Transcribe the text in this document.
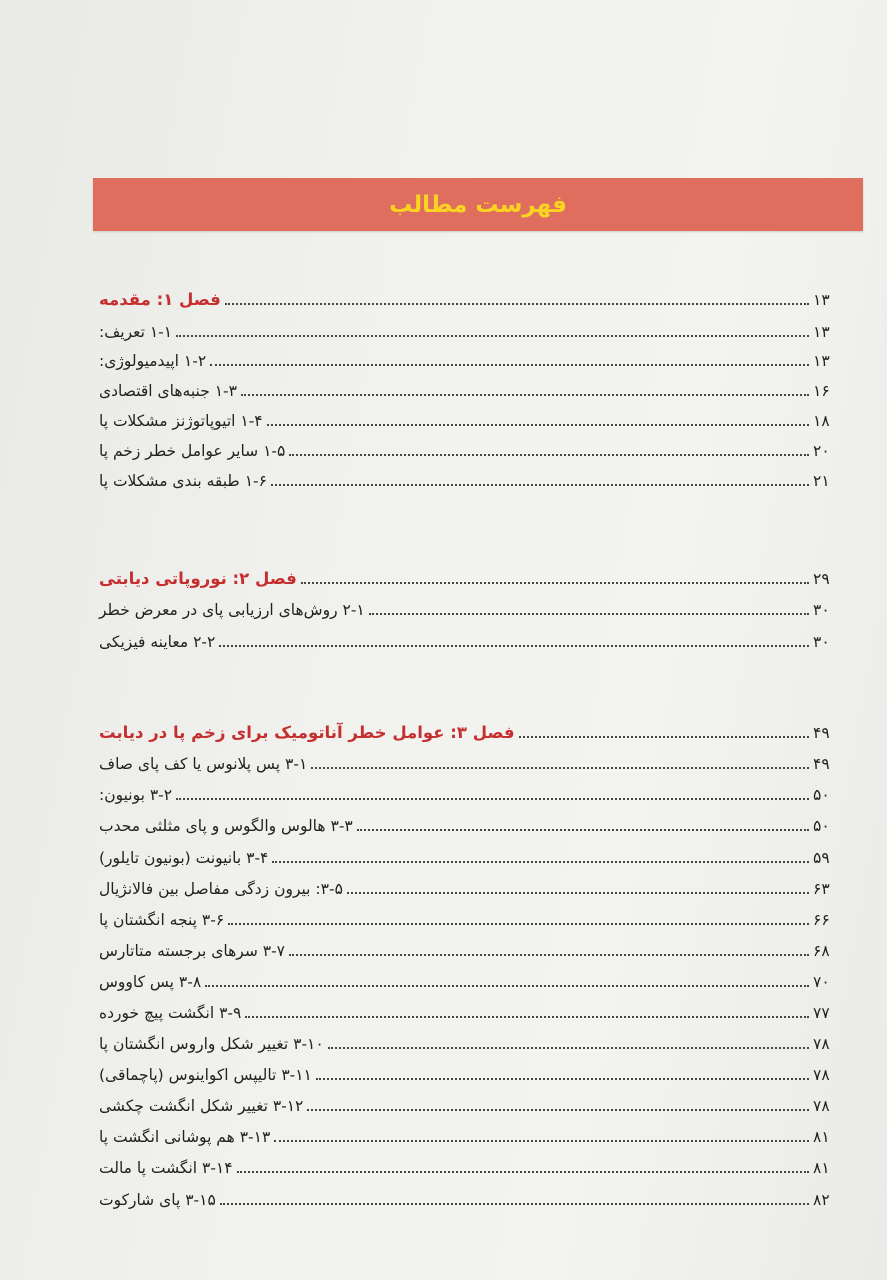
فهرست مطالب
فصل ۱: مقدمه	۱۳
۱-۱ تعریف:	۱۳
۱-۲ اپیدمیولوژی:	۱۳
۱-۳ جنبه‌های اقتصادی	۱۶
۱-۴ اتیوپاتوژنز مشکلات پا	۱۸
۱-۵ سایر عوامل خطر زخم پا	۲۰
۱-۶ طبقه بندی مشکلات پا	۲۱
فصل ۲: نوروپاتی دیابتی	۲۹
۲-۱ روش‌های ارزیابی پای در معرض خطر	۳۰
۲-۲ معاینه فیزیکی	۳۰
فصل ۳: عوامل خطر آناتومیک برای زخم پا در دیابت	۴۹
۳-۱ پس پلانوس یا کف پای صاف	۴۹
۳-۲ بونیون:	۵۰
۳-۳ هالوس والگوس و پای مثلثی محدب	۵۰
۳-۴ بانیونت (بونیون تایلور)	۵۹
۳-۵: بیرون زدگی مفاصل بین فالانژیال	۶۳
۳-۶ پنجه انگشتان پا	۶۶
۳-۷ سرهای برجسته متاتارس	۶۸
۳-۸ پس کاووس	۷۰
۳-۹ انگشت پیچ خورده	۷۷
۳-۱۰ تغییر شکل واروس انگشتان پا	۷۸
۳-۱۱ تالیپس اکواینوس (پاچماقی)	۷۸
۳-۱۲ تغییر شکل انگشت چکشی	۷۸
۳-۱۳ هم پوشانی انگشت پا	۸۱
۳-۱۴ انگشت پا مالت	۸۱
۳-۱۵ پای شارکوت	۸۲
